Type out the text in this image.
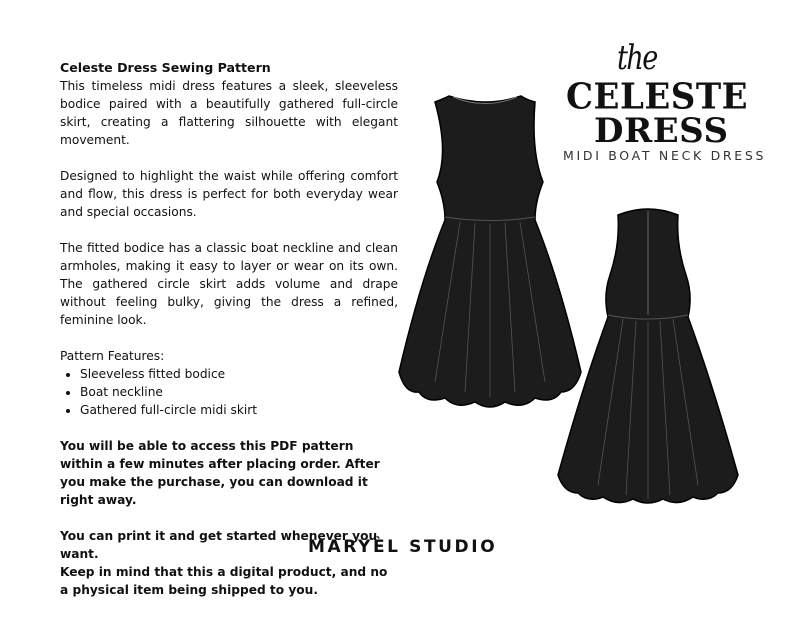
Celeste Dress Sewing Pattern

This timeless midi dress features a sleek, sleeveless bodice paired with a beautifully gathered full-circle skirt, creating a flattering silhouette with elegant movement.

Designed to highlight the waist while offering comfort and flow, this dress is perfect for both everyday wear and special occasions.

The fitted bodice has a classic boat neckline and clean armholes, making it easy to layer or wear on its own. The gathered circle skirt adds volume and drape without feeling bulky, giving the dress a refined, feminine look.

Pattern Features:
• Sleeveless fitted bodice
• Boat neckline
• Gathered full-circle midi skirt

You will be able to access this PDF pattern within a few minutes after placing order. After you make the purchase, you can download it right away.

You can print it and get started whenever you want.
Keep in mind that this a digital product, and no a physical item being shipped to you.

the
CELESTE
DRESS
MIDI BOAT NECK DRESS
MARYÈL STUDIO
